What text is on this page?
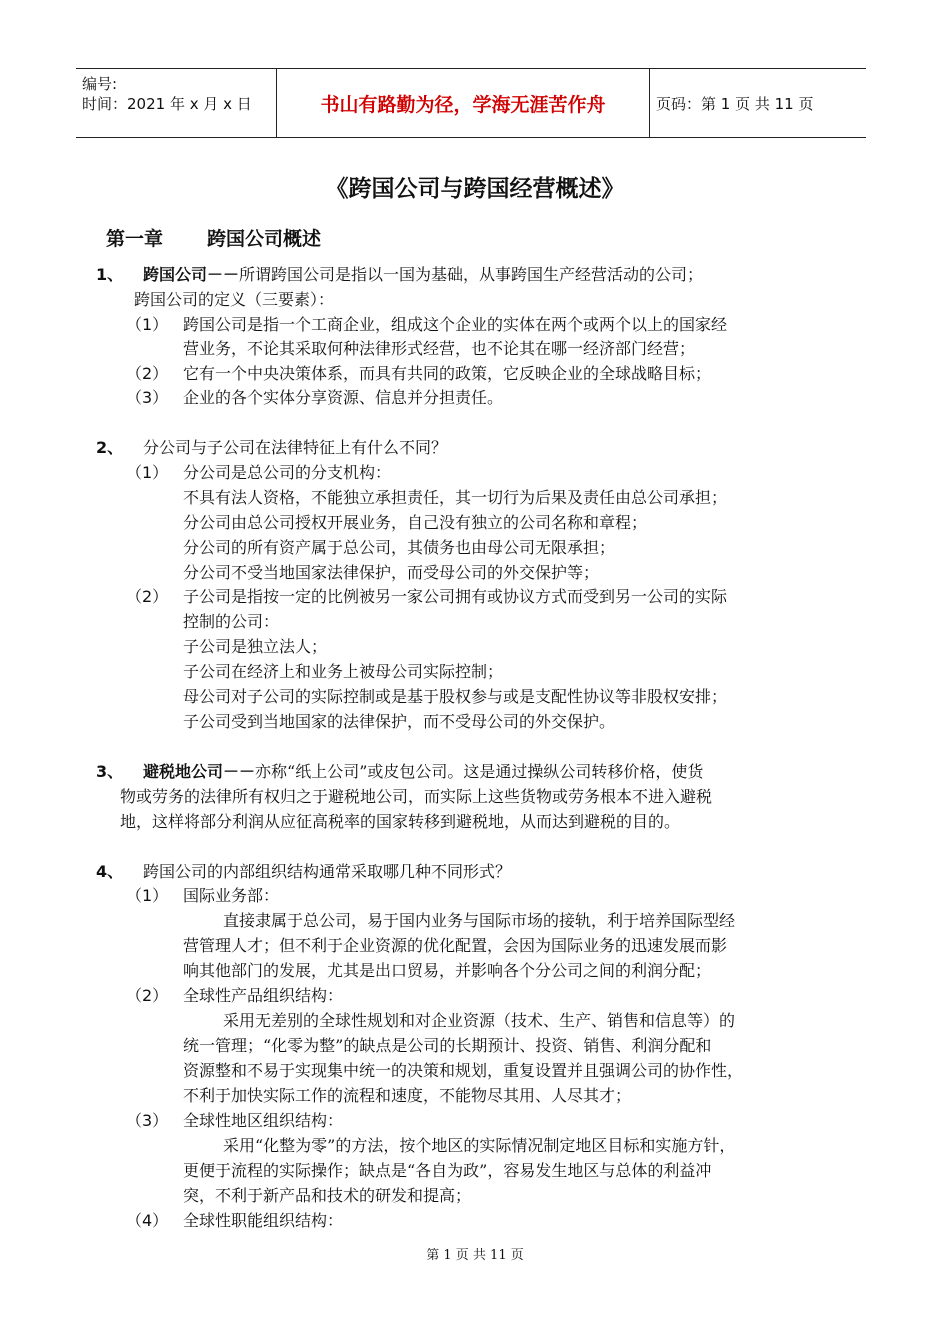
编号:
时间：2021 年 x 月 x 日	书山有路勤为径，学海无涯苦作舟	页码：第 1 页 共 11 页
《跨国公司与跨国经营概述》
第一章 跨国公司概述
1、 跨国公司－－所谓跨国公司是指以一国为基础，从事跨国生产经营活动的公司；
跨国公司的定义（三要素）：
（1） 跨国公司是指一个工商企业，组成这个企业的实体在两个或两个以上的国家经
营业务，不论其采取何种法律形式经营，也不论其在哪一经济部门经营；
（2） 它有一个中央决策体系，而具有共同的政策，它反映企业的全球战略目标；
（3） 企业的各个实体分享资源、信息并分担责任。
2、 分公司与子公司在法律特征上有什么不同？
（1） 分公司是总公司的分支机构：
不具有法人资格，不能独立承担责任，其一切行为后果及责任由总公司承担；
分公司由总公司授权开展业务，自己没有独立的公司名称和章程；
分公司的所有资产属于总公司，其债务也由母公司无限承担；
分公司不受当地国家法律保护，而受母公司的外交保护等；
（2） 子公司是指按一定的比例被另一家公司拥有或协议方式而受到另一公司的实际
控制的公司：
子公司是独立法人；
子公司在经济上和业务上被母公司实际控制；
母公司对子公司的实际控制或是基于股权参与或是支配性协议等非股权安排；
子公司受到当地国家的法律保护，而不受母公司的外交保护。
3、 避税地公司－－亦称“纸上公司”或皮包公司。这是通过操纵公司转移价格，使货
物或劳务的法律所有权归之于避税地公司，而实际上这些货物或劳务根本不进入避税
地，这样将部分利润从应征高税率的国家转移到避税地，从而达到避税的目的。
4、 跨国公司的内部组织结构通常采取哪几种不同形式？
（1） 国际业务部：
直接隶属于总公司，易于国内业务与国际市场的接轨，利于培养国际型经
营管理人才；但不利于企业资源的优化配置，会因为国际业务的迅速发展而影
响其他部门的发展，尤其是出口贸易，并影响各个分公司之间的利润分配；
（2） 全球性产品组织结构：
采用无差别的全球性规划和对企业资源（技术、生产、销售和信息等）的
统一管理；“化零为整”的缺点是公司的长期预计、投资、销售、利润分配和
资源整和不易于实现集中统一的决策和规划，重复设置并且强调公司的协作性，
不利于加快实际工作的流程和速度，不能物尽其用、人尽其才；
（3） 全球性地区组织结构：
采用“化整为零”的方法，按个地区的实际情况制定地区目标和实施方针，
更便于流程的实际操作；缺点是“各自为政”，容易发生地区与总体的利益冲
突，不利于新产品和技术的研发和提高；
（4） 全球性职能组织结构：
第 1 页 共 11 页
